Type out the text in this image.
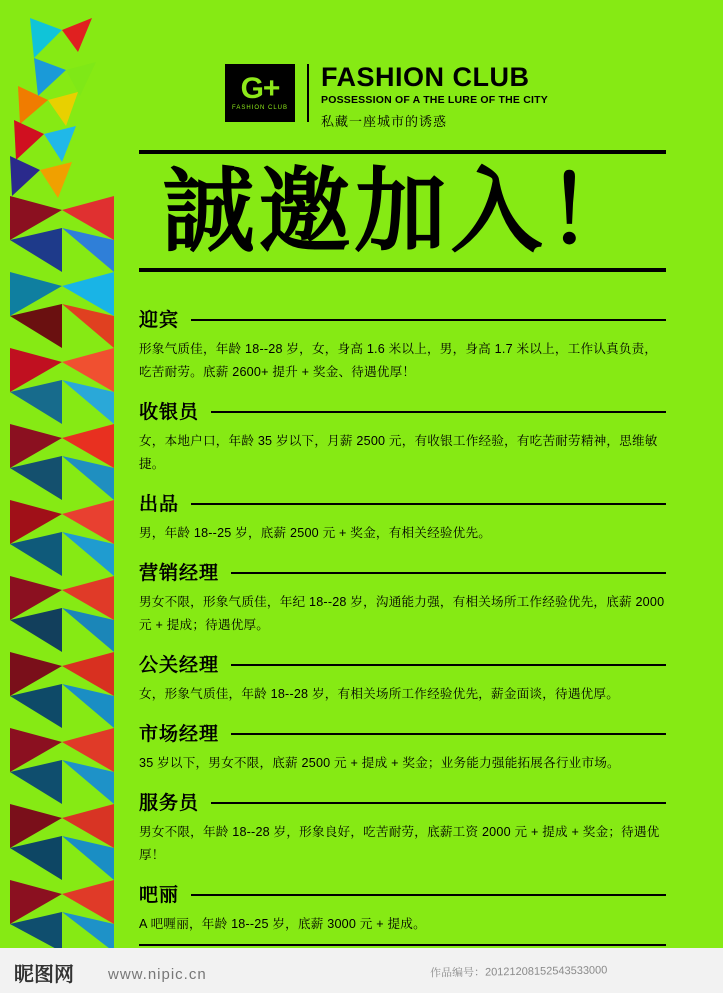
G+
FASHION CLUB
FASHION CLUB
POSSESSION OF A THE LURE OF THE CITY
私藏一座城市的诱惑
誠邀加入！
迎宾
形象气质佳，年龄 18--28 岁，女，身高 1.6 米以上，男，身高 1.7 米以上，工作认真负责，吃苦耐劳。底薪 2600+ 提升 + 奖金、待遇优厚！
收银员
女，本地户口，年龄 35 岁以下，月薪 2500 元，有收银工作经验，有吃苦耐劳精神，思维敏捷。
出品
男，年龄 18--25 岁，底薪 2500 元 + 奖金，有相关经验优先。
营销经理
男女不限，形象气质佳，年纪 18--28 岁，沟通能力强，有相关场所工作经验优先，底薪 2000 元 + 提成；待遇优厚。
公关经理
女，形象气质佳，年龄 18--28 岁，有相关场所工作经验优先，薪金面谈，待遇优厚。
市场经理
35 岁以下，男女不限，底薪 2500 元 + 提成 + 奖金；业务能力强能拓展各行业市场。
服务员
男女不限，年龄 18--28 岁，形象良好，吃苦耐劳，底薪工资 2000 元 + 提成 + 奖金；待遇优厚！
吧丽
A 吧喱丽，年龄 18--25 岁，底薪 3000 元 + 提成。
昵图网 www.nipic.cn	作品编号：20121208152543533000
